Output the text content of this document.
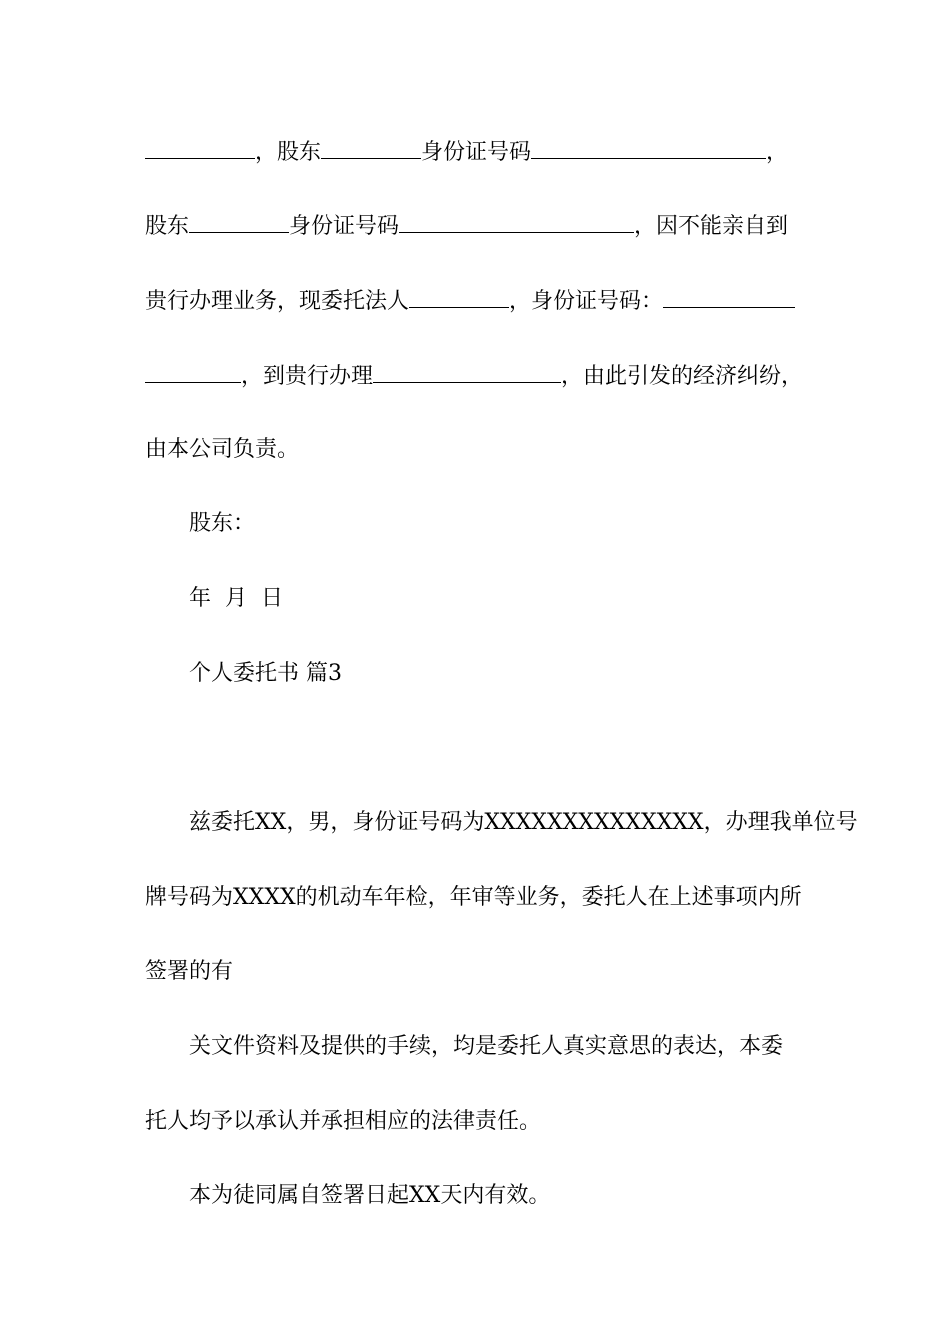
，股东	身份证号码	，
股东	身份证号码	，因不能亲自到
贵行办理业务，现委托法人	，身份证号码：
，到贵行办理	，由此引发的经济纠纷，
由本公司负责。
股东：
年  月  日
个人委托书 篇3
兹委托XX，男，身份证号码为XXXXXXXXXXXXXX，办理我单位号
牌号码为XXXX的机动车年检，年审等业务，委托人在上述事项内所
签署的有
关文件资料及提供的手续，均是委托人真实意思的表达，本委
托人均予以承认并承担相应的法律责任。
本为徒同属自签署日起XX天内有效。
